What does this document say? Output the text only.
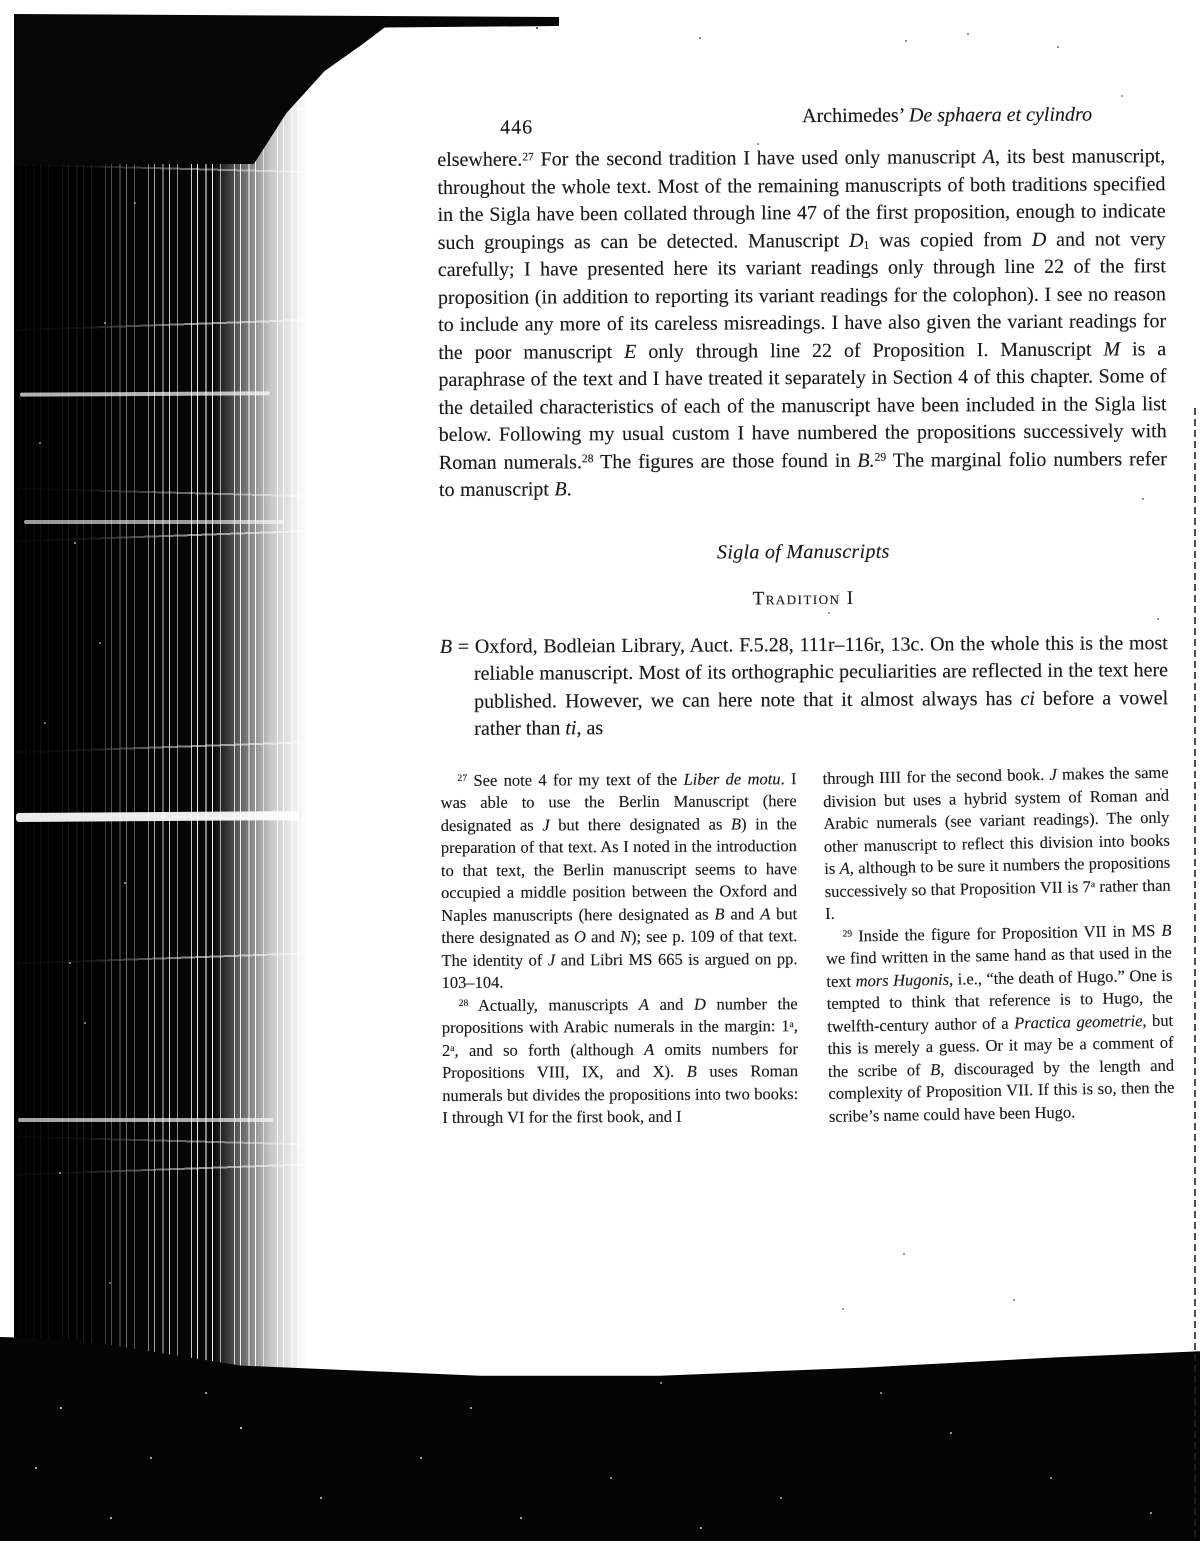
446
Archimedes’ De sphaera et cylindro

elsewhere.$^{27}$ For the second tradition I have used only manuscript A, its best manuscript, throughout the whole text. Most of the remaining manuscripts of both traditions specified in the Sigla have been collated through line 47 of the first proposition, enough to indicate such groupings as can be detected. Manuscript $D_1$ was copied from D and not very carefully; I have presented here its variant readings only through line 22 of the first proposition (in addition to reporting its variant readings for the colophon). I see no reason to include any more of its careless misreadings. I have also given the variant readings for the poor manuscript E only through line 22 of Proposition I. Manuscript M is a paraphrase of the text and I have treated it separately in Section 4 of this chapter. Some of the detailed characteristics of each of the manuscript have been included in the Sigla list below. Following my usual custom I have numbered the propositions successively with Roman numerals.$^{28}$ The figures are those found in B.$^{29}$ The marginal folio numbers refer to manuscript B.

Sigla of Manuscripts
Tradition I

B = Oxford, Bodleian Library, Auct. F.5.28, 111r–116r, 13c. On the whole this is the most reliable manuscript. Most of its orthographic peculiarities are reflected in the text here published. However, we can here note that it almost always has ci before a vowel rather than ti, as

$^{27}$ See note 4 for my text of the Liber de motu. I was able to use the Berlin Manuscript (here designated as J but there designated as B) in the preparation of that text. As I noted in the introduction to that text, the Berlin manuscript seems to have occupied a middle position between the Oxford and Naples manuscripts (here designated as B and A but there designated as O and N); see p. 109 of that text. The identity of J and Libri MS 665 is argued on pp. 103–104.

$^{28}$ Actually, manuscripts A and D number the propositions with Arabic numerals in the margin: 1$^a$, 2$^a$, and so forth (although A omits numbers for Propositions VIII, IX, and X). B uses Roman numerals but divides the propositions into two books: I through VI for the first book, and I

through IIII for the second book. J makes the same division but uses a hybrid system of Roman and Arabic numerals (see variant readings). The only other manuscript to reflect this division into books is A, although to be sure it numbers the propositions successively so that Proposition VII is 7$^a$ rather than I.

$^{29}$ Inside the figure for Proposition VII in MS B we find written in the same hand as that used in the text mors Hugonis, i.e., “the death of Hugo.” One is tempted to think that reference is to Hugo, the twelfth-century author of a Practica geometrie, but this is merely a guess. Or it may be a comment of the scribe of B, discouraged by the length and complexity of Proposition VII. If this is so, then the scribe’s name could have been Hugo.
